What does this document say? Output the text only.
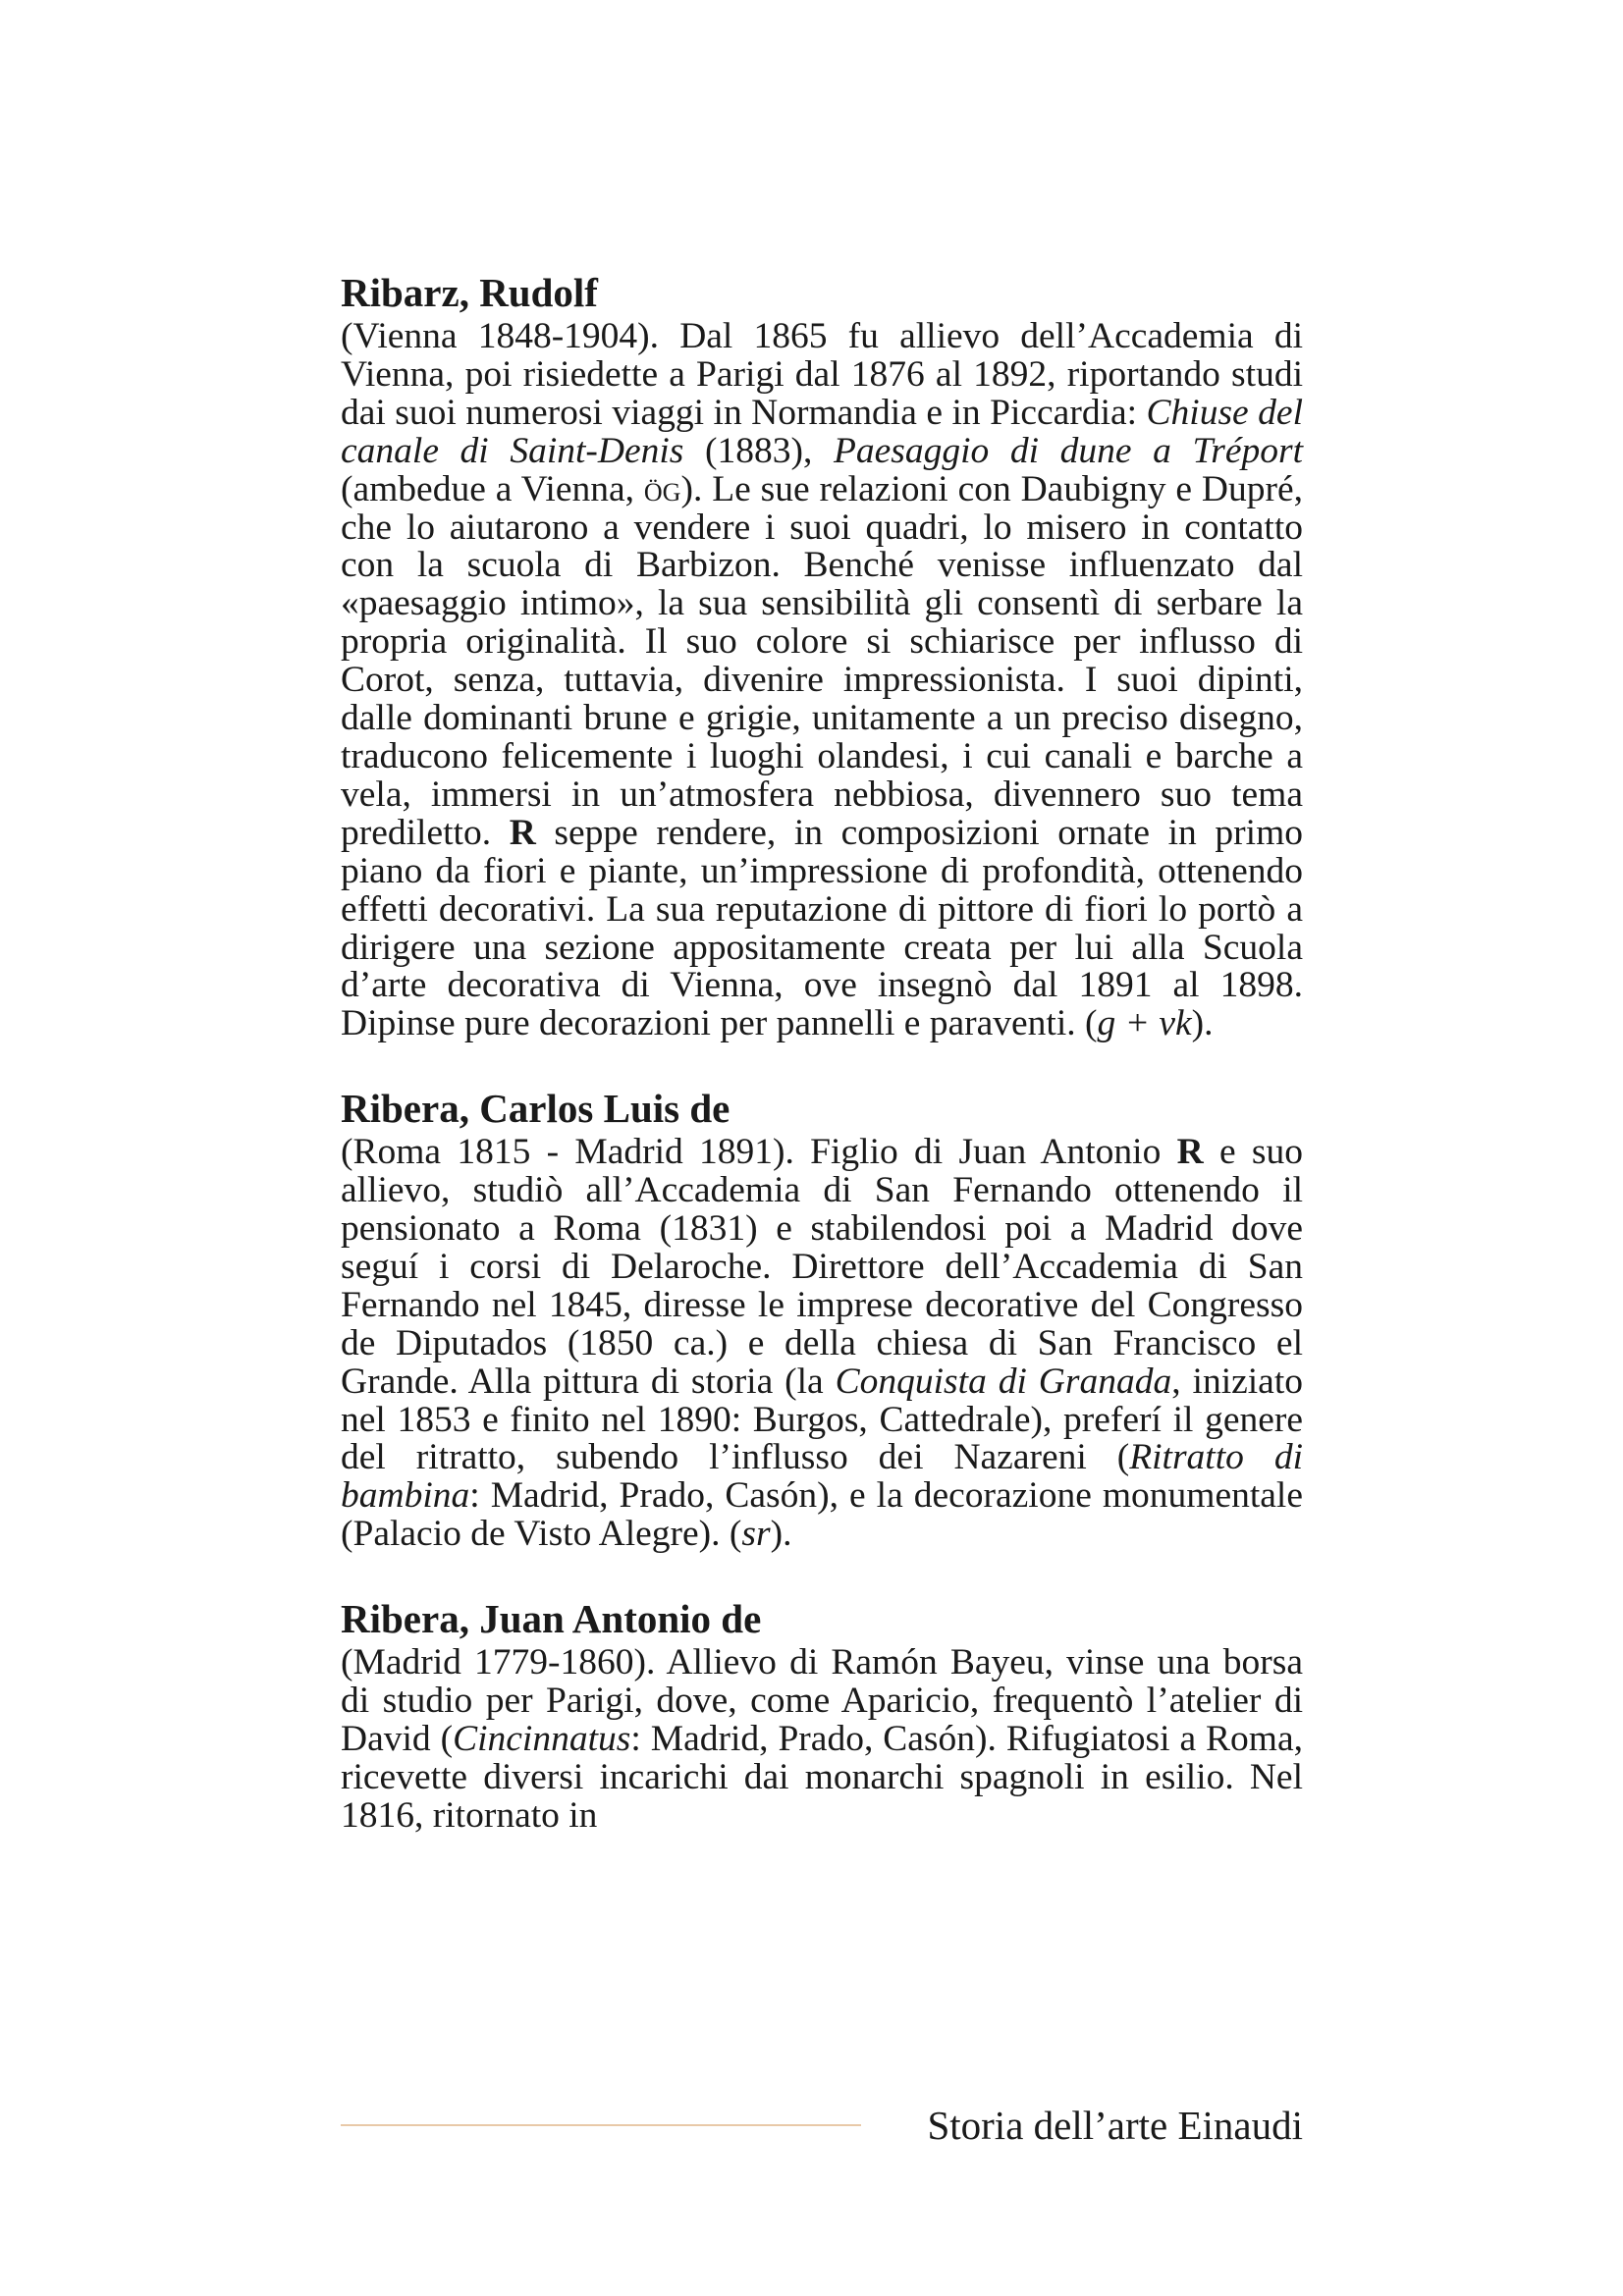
Ribarz, Rudolf

(Vienna 1848-1904). Dal 1865 fu allievo dell’Accademia di Vienna, poi risiedette a Parigi dal 1876 al 1892, riportando studi dai suoi numerosi viaggi in Normandia e in Piccardia: Chiuse del canale di Saint-Denis (1883), Paesaggio di dune a Tréport (ambedue a Vienna, ög). Le sue relazioni con Daubigny e Dupré, che lo aiutarono a vendere i suoi quadri, lo misero in contatto con la scuola di Barbizon. Benché venisse influenzato dal «paesaggio intimo», la sua sensibilità gli consentì di serbare la propria originalità. Il suo colore si schiarisce per influsso di Corot, senza, tuttavia, divenire impressionista. I suoi dipinti, dalle dominanti brune e grigie, unitamente a un preciso disegno, traducono felicemente i luoghi olandesi, i cui canali e barche a vela, immersi in un’atmosfera nebbiosa, divennero suo tema prediletto. R seppe rendere, in composizioni ornate in primo piano da fiori e piante, un’impressione di profondità, ottenendo effetti decorativi. La sua reputazione di pittore di fiori lo portò a dirigere una sezione appositamente creata per lui alla Scuola d’arte decorativa di Vienna, ove insegnò dal 1891 al 1898. Dipinse pure decorazioni per pannelli e paraventi. (g + vk).

Ribera, Carlos Luis de

(Roma 1815 - Madrid 1891). Figlio di Juan Antonio R e suo allievo, studiò all’Accademia di San Fernando ottenendo il pensionato a Roma (1831) e stabilendosi poi a Madrid dove seguí i corsi di Delaroche. Direttore dell’Accademia di San Fernando nel 1845, diresse le imprese decorative del Congresso de Diputados (1850 ca.) e della chiesa di San Francisco el Grande. Alla pittura di storia (la Conquista di Granada, iniziato nel 1853 e finito nel 1890: Burgos, Cattedrale), preferí il genere del ritratto, subendo l’influsso dei Nazareni (Ritratto di bambina: Madrid, Prado, Casón), e la decorazione monumentale (Palacio de Visto Alegre). (sr).

Ribera, Juan Antonio de

(Madrid 1779-1860). Allievo di Ramón Bayeu, vinse una borsa di studio per Parigi, dove, come Aparicio, frequentò l’atelier di David (Cincinnatus: Madrid, Prado, Casón). Rifugiatosi a Roma, ricevette diversi incarichi dai monarchi spagnoli in esilio. Nel 1816, ritornato in

Storia dell’arte Einaudi
